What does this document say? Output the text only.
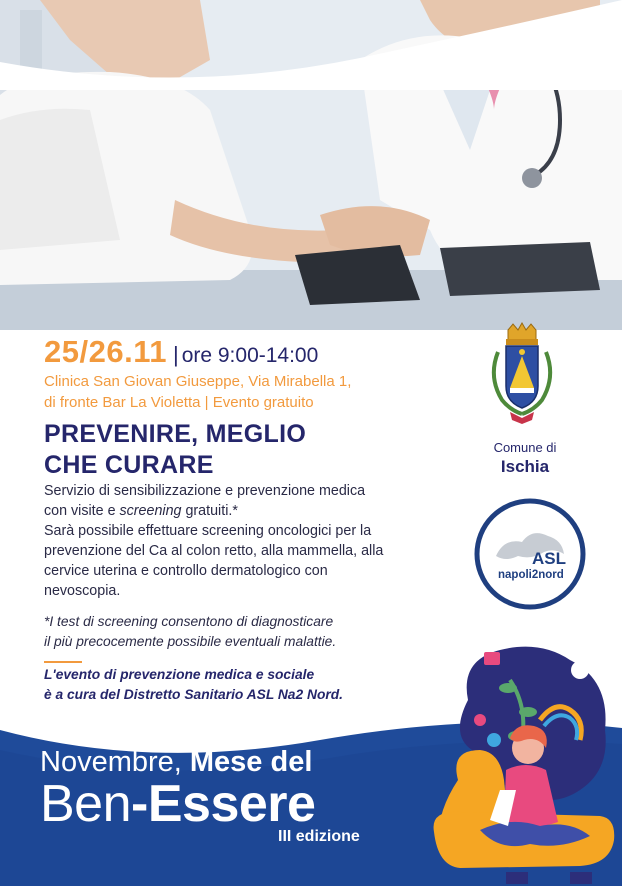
25/26.11 | ore 9:00-14:00
Clinica San Giovan Giuseppe, Via Mirabella 1,
di fronte Bar La Violetta | Evento gratuito
PREVENIRE, MEGLIO
CHE CURARE

Servizio di sensibilizzazione e prevenzione medica con visite e screening gratuiti.*

Sarà possibile effettuare screening oncologici per la prevenzione del Ca al colon retto, alla mammella, alla cervice uterina e controllo dermatologico con nevoscopia.

*I test di screening consentono di diagnosticare

il più precocemente possibile eventuali malattie.

L'evento di prevenzione medica e sociale

è a cura del Distretto Sanitario ASL Na2 Nord.

Comune di
Ischia
ASL
napoli2nord
Novembre, Mese del
Ben-Essere
III edizione
